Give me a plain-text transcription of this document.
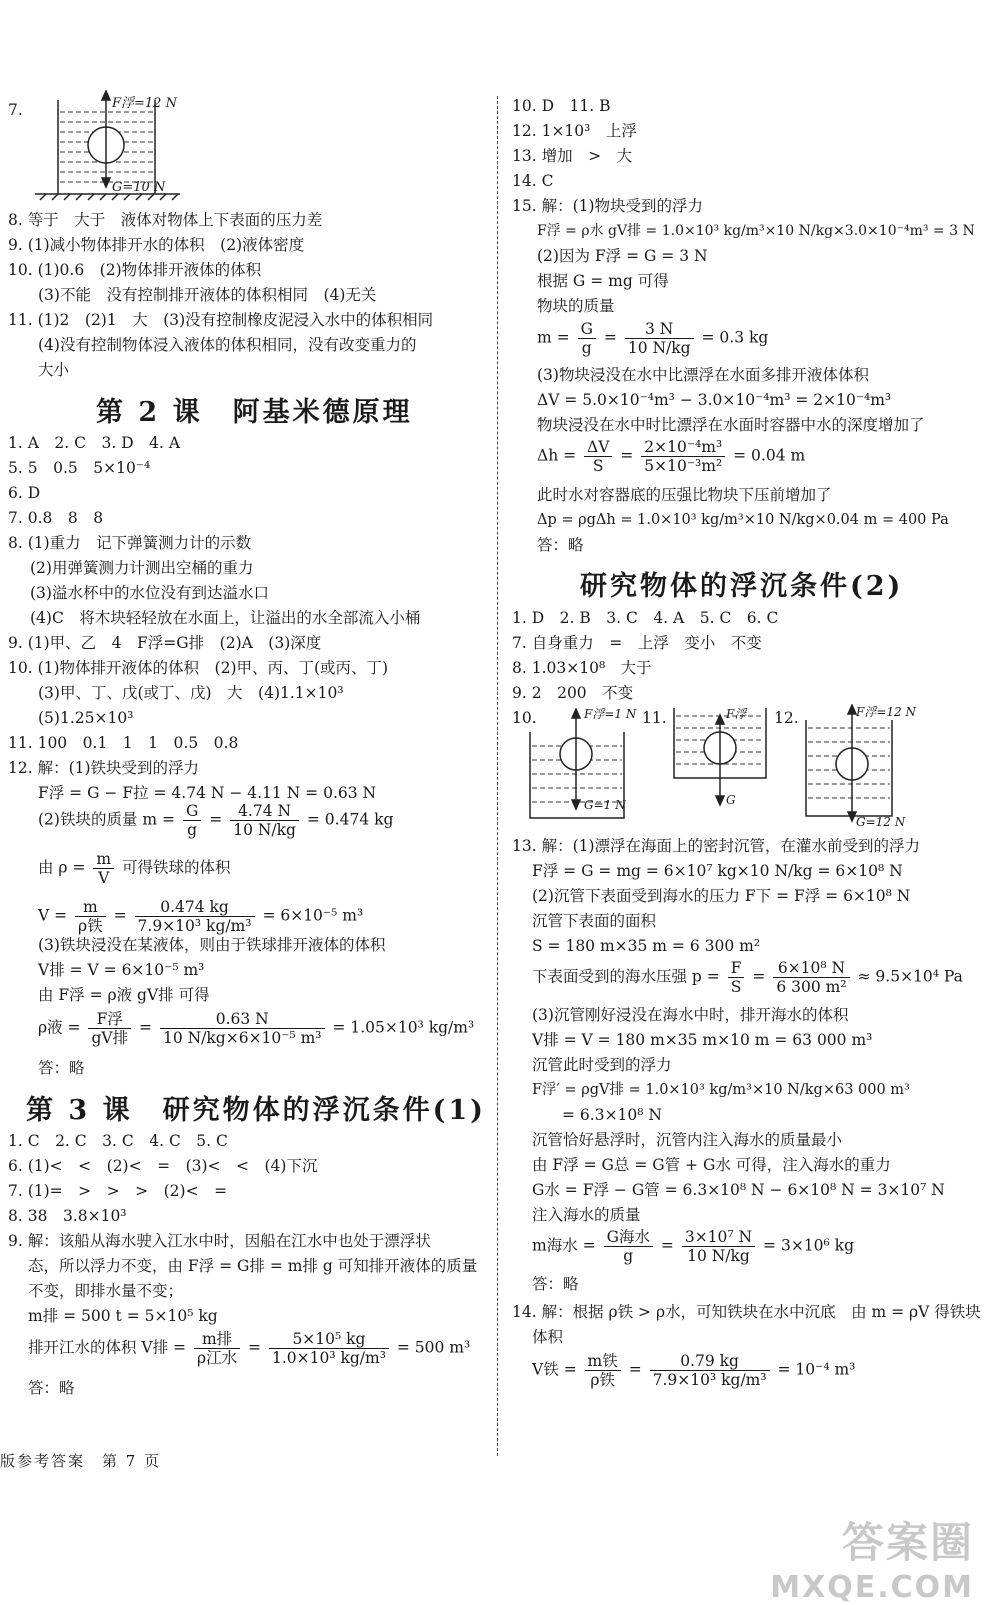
7.	F浮=12 N
G=10 N
8. 等于　大于　液体对物体上下表面的压力差
9. (1)减小物体排开水的体积　(2)液体密度
10. (1)0.6　(2)物体排开液体的体积
(3)不能　没有控制排开液体的体积相同　(4)无关
11. (1)2　(2)1　大　(3)没有控制橡皮泥浸入水中的体积相同
(4)没有控制物体浸入液体的体积相同，没有改变重力的
大小
第 2 课　阿基米德原理
1. A　2. C　3. D　4. A
5. 5　0.5　5×10⁻⁴
6. D
7. 0.8　8　8
8. (1)重力　记下弹簧测力计的示数
(2)用弹簧测力计测出空桶的重力
(3)溢水杯中的水位没有到达溢水口
(4)C　将木块轻轻放在水面上，让溢出的水全部流入小桶
9. (1)甲、乙　4　F浮=G排　(2)A　(3)深度
10. (1)物体排开液体的体积　(2)甲、丙、丁(或丙、丁)
(3)甲、丁、戊(或丁、戊)　大　(4)1.1×10³
(5)1.25×10³
11. 100　0.1　1　1　0.5　0.8
12. 解：(1)铁块受到的浮力
F浮 = G − F拉 = 4.74 N − 4.11 N = 0.63 N
(2)铁块的质量 $m = \frac{G}{g} = \frac{4.74 N}{10 N/kg} = 0.474$ kg
由 $\rho = \frac{m}{V}$ 可得铁球的体积
$V = \frac{m}{\text{ρ铁}} = \frac{0.474 kg}{\text{7.9×10³ kg/m³}} = 6\times 10^{-5}$ m³
(3)铁块浸没在某液体，则由于铁球排开液体的体积
V排 = V = 6×10⁻⁵ m³
由 F浮 = ρ液 gV排 可得
ρ液 = $\frac{\text{F浮}}{\text{gV排}} = \frac{0.63 N}{\text{10 N/kg×6×10⁻⁵ m³}} = 1.05\times 10^3$ kg/m³
答：略
第 3 课　研究物体的浮沉条件(1)
1. C　2. C　3. C　4. C　5. C
6. (1)<　<　(2)<　=　(3)<　<　(4)下沉
7. (1)=　>　>　>　(2)<　=
8. 38　3.8×10³
9. 解：该船从海水驶入江水中时，因船在江水中也处于漂浮状
态，所以浮力不变，由 F浮 = G排 = m排 g 可知排开液体的质量
不变，即排水量不变；
m排 = 500 t = 5×10⁵ kg
排开江水的体积 V排 = $\frac{\text{m排}}{\text{ρ江水}} = \frac{\text{5×10⁵ kg}}{\text{1.0×10³ kg/m³}} = 500$ m³
答：略
10. D　11. B
12. 1×10³　上浮
13. 增加　>　大
14. C
15. 解：(1)物块受到的浮力
F浮 = ρ水 gV排 = 1.0×10³ kg/m³×10 N/kg×3.0×10⁻⁴m³ = 3 N
(2)因为 F浮 = G = 3 N
根据 G = mg 可得
物块的质量
$m = \frac{G}{g} = \frac{3 N}{10 N/kg} = 0.3$ kg
(3)物块浸没在水中比漂浮在水面多排开液体体积
ΔV = 5.0×10⁻⁴m³ − 3.0×10⁻⁴m³ = 2×10⁻⁴m³
物块浸没在水中时比漂浮在水面时容器中水的深度增加了
$\Delta h = \frac{\Delta V}{S} = \frac{\text{2×10⁻⁴m³}}{\text{5×10⁻³m²}} = 0.04$ m
此时水对容器底的压强比物块下压前增加了
Δp = ρgΔh = 1.0×10³ kg/m³×10 N/kg×0.04 m = 400 Pa
答：略
研究物体的浮沉条件(2)
1. D　2. B　3. C　4. A　5. C　6. C
7. 自身重力　=　上浮　变小　不变
8. 1.03×10⁸　大于
9. 2　200　不变
10.	F浮=1 N
G=1 N
11.	F浮
G
12.	F浮=12 N
G=12 N
13. 解：(1)漂浮在海面上的密封沉管，在灌水前受到的浮力
F浮 = G = mg = 6×10⁷ kg×10 N/kg = 6×10⁸ N
(2)沉管下表面受到海水的压力 F下 = F浮 = 6×10⁸ N
沉管下表面的面积
S = 180 m×35 m = 6 300 m²
下表面受到的海水压强 $p = \frac{F}{S} = \frac{\text{6×10⁸ N}}{\text{6 300 m²}} \approx 9.5\times 10^4$ Pa
(3)沉管刚好浸没在海水中时，排开海水的体积
V排 = V = 180 m×35 m×10 m = 63 000 m³
沉管此时受到的浮力
F浮′ = ρgV排 = 1.0×10³ kg/m³×10 N/kg×63 000 m³
= 6.3×10⁸ N
沉管恰好悬浮时，沉管内注入海水的质量最小
由 F浮 = G总 = G管 + G水 可得，注入海水的重力
G水 = F浮 − G管 = 6.3×10⁸ N − 6×10⁸ N = 3×10⁷ N
注入海水的质量
m海水 = $\frac{\text{G海水}}{g} = \frac{\text{3×10⁷ N}}{10 N/kg} = 3\times 10^6$ kg
答：略
14. 解：根据 ρ铁 > ρ水，可知铁块在水中沉底　由 m = ρV 得铁块
体积
V铁 = $\frac{\text{m铁}}{\text{ρ铁}} = \frac{0.79 kg}{\text{7.9×10³ kg/m³}} = 10^{-4}$ m³
版参考答案　第 7 页
答案圈
MXQE.COM
